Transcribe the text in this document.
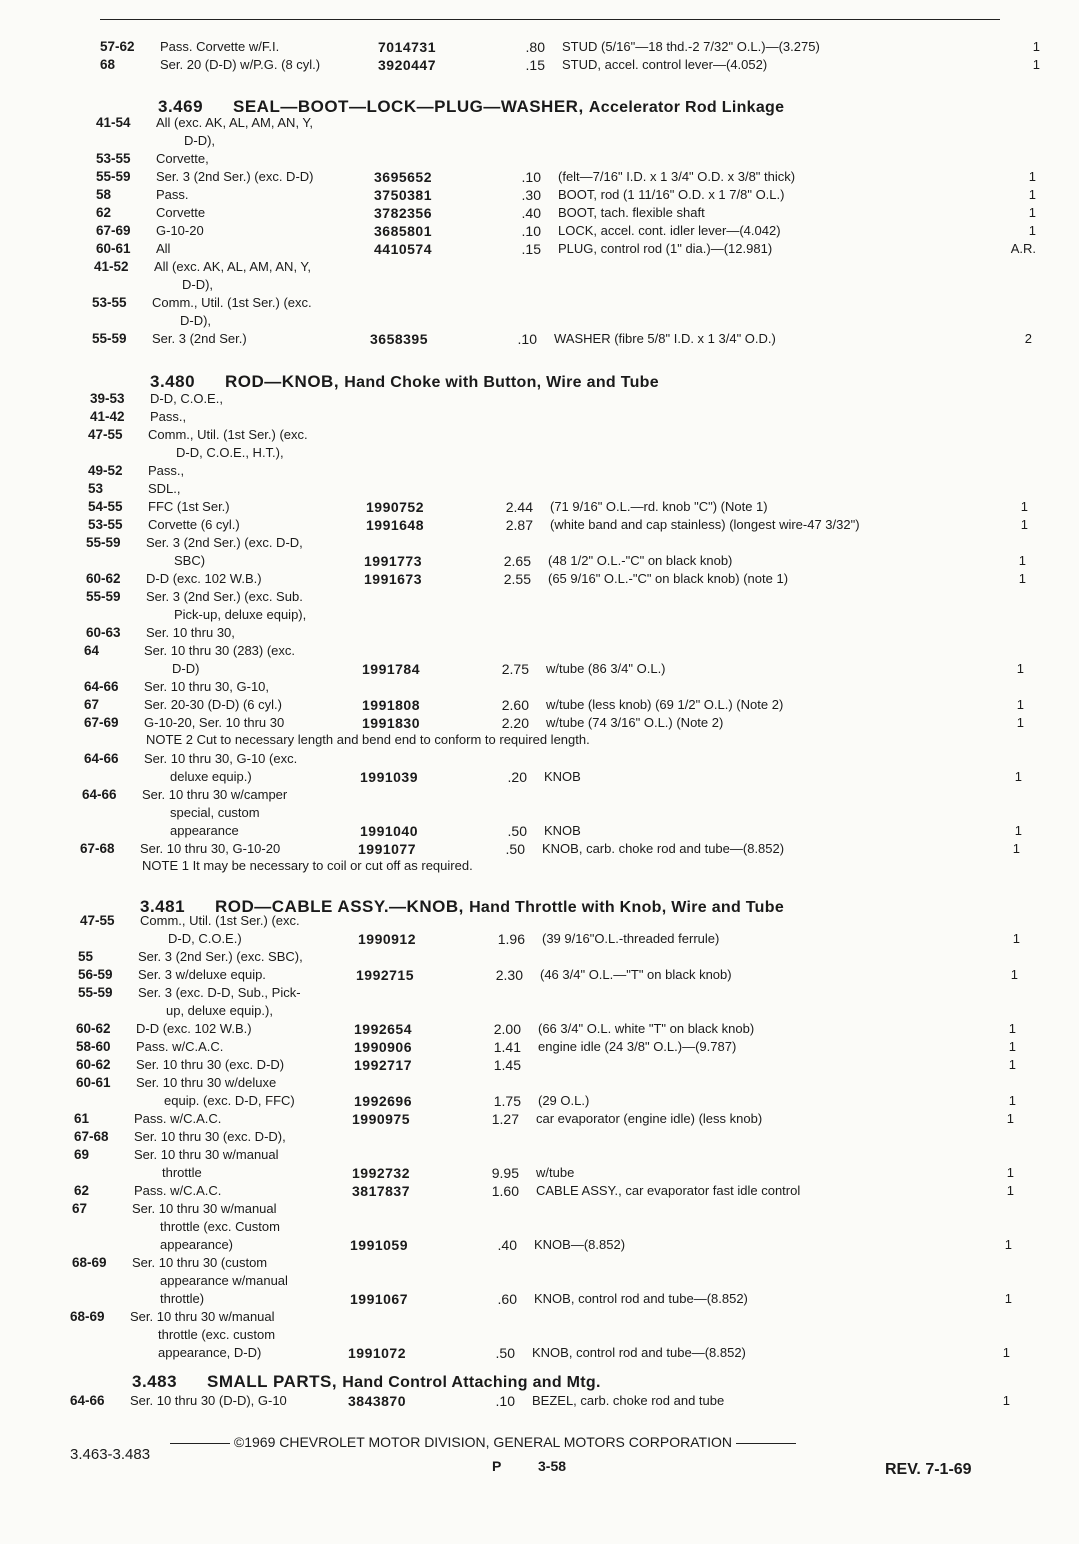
57-62	Pass. Corvette w/F.I.	7014731	.80 STUD (5/16"—18 thd.-2 7/32" O.L.)—(3.275)	1
68	Ser. 20 (D-D) w/P.G. (8 cyl.)	3920447	.15 STUD, accel. control lever—(4.052)	1
3.469 SEAL—BOOT—LOCK—PLUG—WASHER, Accelerator Rod Linkage
41-54	All (exc. AK, AL, AM, AN, Y,
D-D),
53-55	Corvette,
55-59	Ser. 3 (2nd Ser.) (exc. D-D)	3695652	.10 (felt—7/16" I.D. x 1 3/4" O.D. x 3/8" thick)	1
58	Pass.	3750381	.30 BOOT, rod (1 11/16" O.D. x 1 7/8" O.L.)	1
62	Corvette	3782356	.40 BOOT, tach. flexible shaft	1
67-69	G-10-20	3685801	.10 LOCK, accel. cont. idler lever—(4.042)	1
60-61	All	4410574	.15 PLUG, control rod (1" dia.)—(12.981)	A.R.
41-52	All (exc. AK, AL, AM, AN, Y,
D-D),
53-55	Comm., Util. (1st Ser.) (exc.
D-D),
55-59	Ser. 3 (2nd Ser.)	3658395	.10 WASHER (fibre 5/8" I.D. x 1 3/4" O.D.)	2
3.480 ROD—KNOB, Hand Choke with Button, Wire and Tube
39-53	D-D, C.O.E.,
41-42	Pass.,
47-55	Comm., Util. (1st Ser.) (exc.
D-D, C.O.E., H.T.),
49-52	Pass.,
53	SDL.,
54-55	FFC (1st Ser.)	1990752	2.44 (71 9/16" O.L.—rd. knob "C") (Note 1)	1
53-55	Corvette (6 cyl.)	1991648	2.87 (white band and cap stainless) (longest wire-47 3/32")	1
55-59	Ser. 3 (2nd Ser.) (exc. D-D,
SBC)	1991773	2.65 (48 1/2" O.L.-"C" on black knob)	1
60-62	D-D (exc. 102 W.B.)	1991673	2.55 (65 9/16" O.L.-"C" on black knob) (note 1)	1
55-59	Ser. 3 (2nd Ser.) (exc. Sub.
Pick-up, deluxe equip),
60-63	Ser. 10 thru 30,
64	Ser. 10 thru 30 (283) (exc.
D-D)	1991784	2.75 w/tube (86 3/4" O.L.)	1
64-66	Ser. 10 thru 30, G-10,
67	Ser. 20-30 (D-D) (6 cyl.)	1991808	2.60 w/tube (less knob) (69 1/2" O.L.) (Note 2)	1
67-69	G-10-20, Ser. 10 thru 30	1991830	2.20 w/tube (74 3/16" O.L.) (Note 2)	1
NOTE 2 Cut to necessary length and bend end to conform to required length.
64-66	Ser. 10 thru 30, G-10 (exc.
deluxe equip.)	1991039	.20 KNOB	1
64-66	Ser. 10 thru 30 w/camper
special, custom
appearance	1991040	.50 KNOB	1
67-68	Ser. 10 thru 30, G-10-20	1991077	.50 KNOB, carb. choke rod and tube—(8.852)	1
NOTE 1 It may be necessary to coil or cut off as required.
3.481 ROD—CABLE ASSY.—KNOB, Hand Throttle with Knob, Wire and Tube
47-55	Comm., Util. (1st Ser.) (exc.
D-D, C.O.E.)	1990912	1.96 (39 9/16"O.L.-threaded ferrule)	1
55	Ser. 3 (2nd Ser.) (exc. SBC),
56-59	Ser. 3 w/deluxe equip.	1992715	2.30 (46 3/4" O.L.—"T" on black knob)	1
55-59	Ser. 3 (exc. D-D, Sub., Pick-
up, deluxe equip.),
60-62	D-D (exc. 102 W.B.)	1992654	2.00 (66 3/4" O.L. white "T" on black knob)	1
58-60	Pass. w/C.A.C.	1990906	1.41 engine idle (24 3/8" O.L.)—(9.787)	1
60-62	Ser. 10 thru 30 (exc. D-D)	1992717	1.45	1
60-61	Ser. 10 thru 30 w/deluxe
equip. (exc. D-D, FFC)	1992696	1.75 (29 O.L.)	1
61	Pass. w/C.A.C.	1990975	1.27 car evaporator (engine idle) (less knob)	1
67-68	Ser. 10 thru 30 (exc. D-D),
69	Ser. 10 thru 30 w/manual
throttle	1992732	9.95 w/tube	1
62	Pass. w/C.A.C.	3817837	1.60 CABLE ASSY., car evaporator fast idle control	1
67	Ser. 10 thru 30 w/manual
throttle (exc. Custom
appearance)	1991059	.40 KNOB—(8.852)	1
68-69	Ser. 10 thru 30 (custom
appearance w/manual
throttle)	1991067	.60 KNOB, control rod and tube—(8.852)	1
68-69	Ser. 10 thru 30 w/manual
throttle (exc. custom
appearance, D-D)	1991072	.50 KNOB, control rod and tube—(8.852)	1
3.483 SMALL PARTS, Hand Control Attaching and Mtg.
64-66	Ser. 10 thru 30 (D-D), G-10	3843870	.10 BEZEL, carb. choke rod and tube	1
3.463-3.483
©1969 CHEVROLET MOTOR DIVISION, GENERAL MOTORS CORPORATION
P	3-58	REV. 7-1-69
